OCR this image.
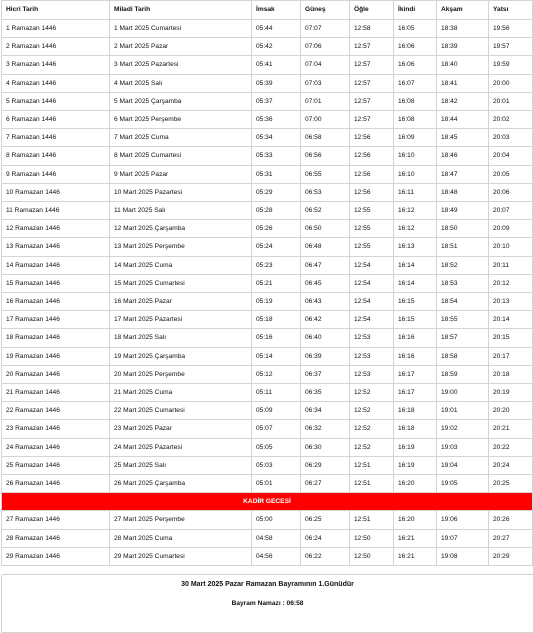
Hicri Tarih	Miladi Tarih	İmsak	Güneş	Öğle	İkindi	Akşam	Yatsı
1 Ramazan 1446	1 Mart 2025 Cumartesi	05:44	07:07	12:58	16:05	18:38	19:56
2 Ramazan 1446	2 Mart 2025 Pazar	05:42	07:06	12:57	16:06	18:39	19:57
3 Ramazan 1446	3 Mart 2025 Pazartesi	05:41	07:04	12:57	16:06	18:40	19:59
4 Ramazan 1446	4 Mart 2025 Salı	05:39	07:03	12:57	16:07	18:41	20:00
5 Ramazan 1446	5 Mart 2025 Çarşamba	05:37	07:01	12:57	16:08	18:42	20:01
6 Ramazan 1446	6 Mart 2025 Perşembe	05:36	07:00	12:57	16:08	18:44	20:02
7 Ramazan 1446	7 Mart 2025 Cuma	05:34	06:58	12:56	16:09	18:45	20:03
8 Ramazan 1446	8 Mart 2025 Cumartesi	05:33	06:56	12:56	16:10	18:46	20:04
9 Ramazan 1446	9 Mart 2025 Pazar	05:31	06:55	12:56	16:10	18:47	20:05
10 Ramazan 1446	10 Mart 2025 Pazartesi	05:29	06:53	12:56	16:11	18:48	20:06
11 Ramazan 1446	11 Mart 2025 Salı	05:28	06:52	12:55	16:12	18:49	20:07
12 Ramazan 1446	12 Mart 2025 Çarşamba	05:26	06:50	12:55	16:12	18:50	20:09
13 Ramazan 1446	13 Mart 2025 Perşembe	05:24	06:48	12:55	16:13	18:51	20:10
14 Ramazan 1446	14 Mart 2025 Cuma	05:23	06:47	12:54	16:14	18:52	20:11
15 Ramazan 1446	15 Mart 2025 Cumartesi	05:21	06:45	12:54	16:14	18:53	20:12
16 Ramazan 1446	16 Mart 2025 Pazar	05:19	06:43	12:54	16:15	18:54	20:13
17 Ramazan 1446	17 Mart 2025 Pazartesi	05:18	06:42	12:54	16:15	18:55	20:14
18 Ramazan 1446	18 Mart 2025 Salı	05:16	06:40	12:53	16:16	18:57	20:15
19 Ramazan 1446	19 Mart 2025 Çarşamba	05:14	06:39	12:53	16:16	18:58	20:17
20 Ramazan 1446	20 Mart 2025 Perşembe	05:12	06:37	12:53	16:17	18:59	20:18
21 Ramazan 1446	21 Mart 2025 Cuma	05:11	06:35	12:52	16:17	19:00	20:19
22 Ramazan 1446	22 Mart 2025 Cumartesi	05:09	06:34	12:52	16:18	19:01	20:20
23 Ramazan 1446	23 Mart 2025 Pazar	05:07	06:32	12:52	16:18	19:02	20:21
24 Ramazan 1446	24 Mart 2025 Pazartesi	05:05	06:30	12:52	16:19	19:03	20:22
25 Ramazan 1446	25 Mart 2025 Salı	05:03	06:29	12:51	16:19	19:04	20:24
26 Ramazan 1446	26 Mart 2025 Çarşamba	05:01	06:27	12:51	16:20	19:05	20:25
KADİR GECESİ							
27 Ramazan 1446	27 Mart 2025 Perşembe	05:00	06:25	12:51	16:20	19:06	20:26
28 Ramazan 1446	28 Mart 2025 Cuma	04:58	06:24	12:50	16:21	19:07	20:27
29 Ramazan 1446	29 Mart 2025 Cumartesi	04:56	06:22	12:50	16:21	19:08	20:29

30 Mart 2025 Pazar Ramazan Bayramının 1.Günüdür
Bayram Namazı : 06:58
